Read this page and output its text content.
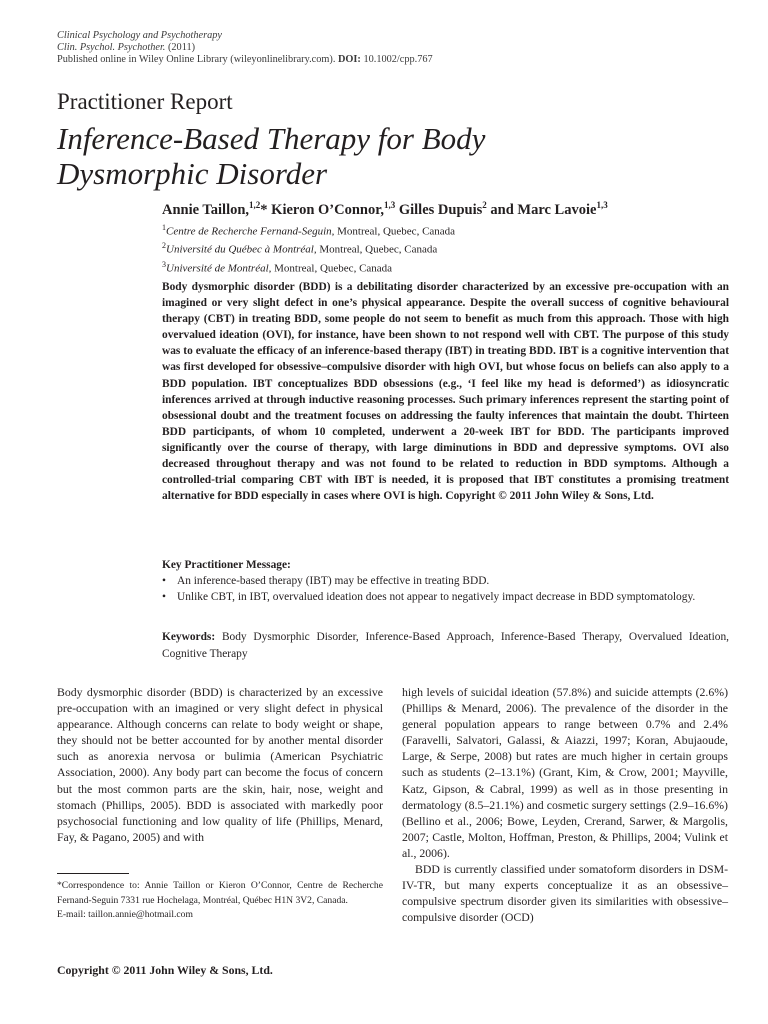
Clinical Psychology and Psychotherapy
Clin. Psychol. Psychother. (2011)
Published online in Wiley Online Library (wileyonlinelibrary.com). DOI: 10.1002/cpp.767
Practitioner Report
Inference-Based Therapy for Body
Dysmorphic Disorder
Annie Taillon,$^{1,2}$* Kieron O’Connor,$^{1,3}$ Gilles Dupuis$^2$ and Marc Lavoie$^{1,3}$
$^1$Centre de Recherche Fernand-Seguin, Montreal, Quebec, Canada
$^2$Université du Québec à Montréal, Montreal, Quebec, Canada
$^3$Université de Montréal, Montreal, Quebec, Canada

Body dysmorphic disorder (BDD) is a debilitating disorder characterized by an excessive pre-occupation with an imagined or very slight defect in one’s physical appearance. Despite the overall success of cognitive behavioural therapy (CBT) in treating BDD, some people do not seem to benefit as much from this approach. Those with high overvalued ideation (OVI), for instance, have been shown to not respond well with CBT. The purpose of this study was to evaluate the efficacy of an inference-based therapy (IBT) in treating BDD. IBT is a cognitive intervention that was first developed for obsessive–compulsive disorder with high OVI, but whose focus on beliefs can also apply to a BDD population. IBT conceptualizes BDD obsessions (e.g., ‘I feel like my head is deformed’) as idiosyncratic inferences arrived at through inductive reasoning processes. Such primary inferences represent the starting point of obsessional doubt and the treatment focuses on addressing the faulty inferences that maintain the doubt. Thirteen BDD participants, of whom 10 completed, underwent a 20-week IBT for BDD. The participants improved significantly over the course of therapy, with large diminutions in BDD and depressive symptoms. OVI also decreased throughout therapy and was not found to be related to reduction in BDD symptoms. Although a controlled-trial comparing CBT with IBT is needed, it is proposed that IBT constitutes a promising treatment alternative for BDD especially in cases where OVI is high. Copyright © 2011 John Wiley & Sons, Ltd.

Key Practitioner Message:
• An inference-based therapy (IBT) may be effective in treating BDD.
• Unlike CBT, in IBT, overvalued ideation does not appear to negatively impact decrease in BDD symptomatology.
Keywords: Body Dysmorphic Disorder, Inference-Based Approach, Inference-Based Therapy, Overvalued Ideation, Cognitive Therapy

Body dysmorphic disorder (BDD) is characterized by an excessive pre-occupation with an imagined or very slight defect in physical appearance. Although concerns can relate to body weight or shape, they should not be better accounted for by another mental disorder such as anorexia nervosa or bulimia (American Psychiatric Association, 2000). Any body part can become the focus of concern but the most common parts are the skin, hair, nose, weight and stomach (Phillips, 2005). BDD is associated with markedly poor psychosocial functioning and low quality of life (Phillips, Menard, Fay, & Pagano, 2005) and with

high levels of suicidal ideation (57.8%) and suicide attempts (2.6%) (Phillips & Menard, 2006). The prevalence of the disorder in the general population appears to range between 0.7% and 2.4% (Faravelli, Salvatori, Galassi, & Aiazzi, 1997; Koran, Abujaoude, Large, & Serpe, 2008) but rates are much higher in certain groups such as students (2–13.1%) (Grant, Kim, & Crow, 2001; Mayville, Katz, Gipson, & Cabral, 1999) as well as in those presenting in dermatology (8.5–21.1%) and cosmetic surgery settings (2.9–16.6%) (Bellino et al., 2006; Bowe, Leyden, Crerand, Sarwer, & Margolis, 2007; Castle, Molton, Hoffman, Preston, & Phillips, 2004; Vulink et al., 2006).

BDD is currently classified under somatoform disorders in DSM-IV-TR, but many experts conceptualize it as an obsessive–compulsive spectrum disorder given its similarities with obsessive–compulsive disorder (OCD)

*Correspondence to: Annie Taillon or Kieron O’Connor, Centre de Recherche Fernand-Seguin 7331 rue Hochelaga, Montréal, Québec H1N 3V2, Canada.
E-mail: taillon.annie@hotmail.com
Copyright © 2011 John Wiley & Sons, Ltd.
